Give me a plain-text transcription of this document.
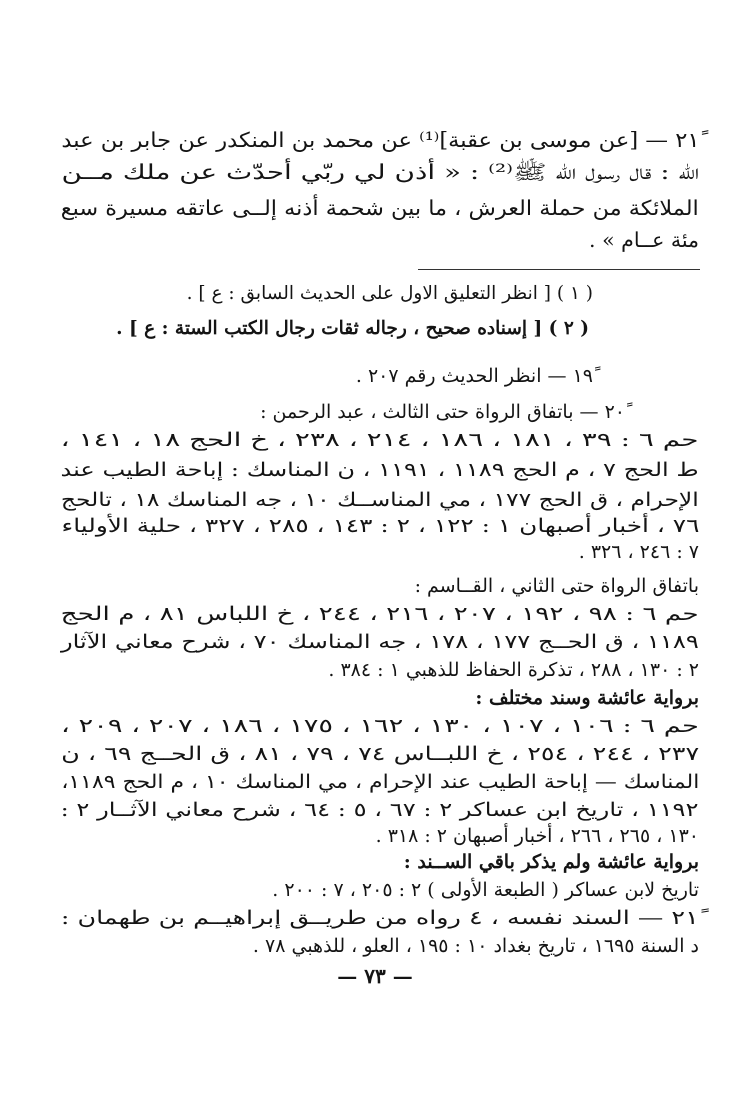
٢١ً — [عن موسى بن عقبة]⁽¹⁾ عن محمد بن المنكدر عن جابر بن عبد
الله : قال رسول الله ﷺ⁽²⁾ : « أذن لي ربّي أحدّث عن ملك مــن
الملائكة من حملة العرش ، ما بين شحمة أذنه إلــى عاتقه مسيرة سبع
مئة عــام » .
( ١ ) [ انظر التعليق الاول على الحديث السابق : ع ] .
( ٢ ) [ إسناده صحيح ، رجاله ثقات رجال الكتب الستة : ع ] .
١٩ً — انظر الحديث رقم ٢٠٧ .
٢٠ً — باتفاق الرواة حتى الثالث ، عبد الرحمن :
حم ٦ : ٣٩ ، ١٨١ ، ١٨٦ ، ٢١٤ ، ٢٣٨ ، خ الحج ١٨ ، ١٤١ ،
ط الحج ٧ ، م الحج ١١٨٩ ، ١١٩١ ، ن المناسك : إباحة الطيب عند
الإحرام ، ق الحج ١٧٧ ، مي المناســك ١٠ ، جه المناسك ١٨ ، تالحج
٧٦ ، أخبار أصبهان ١ : ١٢٢ ، ٢ : ١٤٣ ، ٢٨٥ ، ٣٢٧ ، حلية الأولياء
٧ : ٢٤٦ ، ٣٢٦ .
باتفاق الرواة حتى الثاني ، القــاسم :
حم ٦ : ٩٨ ، ١٩٢ ، ٢٠٧ ، ٢١٦ ، ٢٤٤ ، خ اللباس ٨١ ، م الحج
١١٨٩ ، ق الحــج ١٧٧ ، ١٧٨ ، جه المناسك ٧٠ ، شرح معاني الآثار
٢ : ١٣٠ ، ٢٨٨ ، تذكرة الحفاظ للذهبي ١ : ٣٨٤ .
برواية عائشة وسند مختلف :
حم ٦ : ١٠٦ ، ١٠٧ ، ١٣٠ ، ١٦٢ ، ١٧٥ ، ١٨٦ ، ٢٠٧ ، ٢٠٩ ،
٢٣٧ ، ٢٤٤ ، ٢٥٤ ، خ اللبــاس ٧٤ ، ٧٩ ، ٨١ ، ق الحــج ٦٩ ، ن
المناسك — إباحة الطيب عند الإحرام ، مي المناسك ١٠ ، م الحج ١١٨٩،
١١٩٢ ، تاريخ ابن عساكر ٢ : ٦٧ ، ٥ : ٦٤ ، شرح معاني الآثــار ٢ :
١٣٠ ، ٢٦٥ ، ٢٦٦ ، أخبار أصبهان ٢ : ٣١٨ .
برواية عائشة ولم يذكر باقي الســند :
تاريخ لابن عساكر ( الطبعة الأولى ) ٢ : ٢٠٥ ، ٧ : ٢٠٠ .
٢١ً — السند نفسه ، ٤ رواه من طريــق إبراهيــم بن طهمان :
د السنة ١٦٩٥ ، تاريخ بغداد ١٠ : ١٩٥ ، العلو ، للذهبي ٧٨ .
— ٧٣ —
